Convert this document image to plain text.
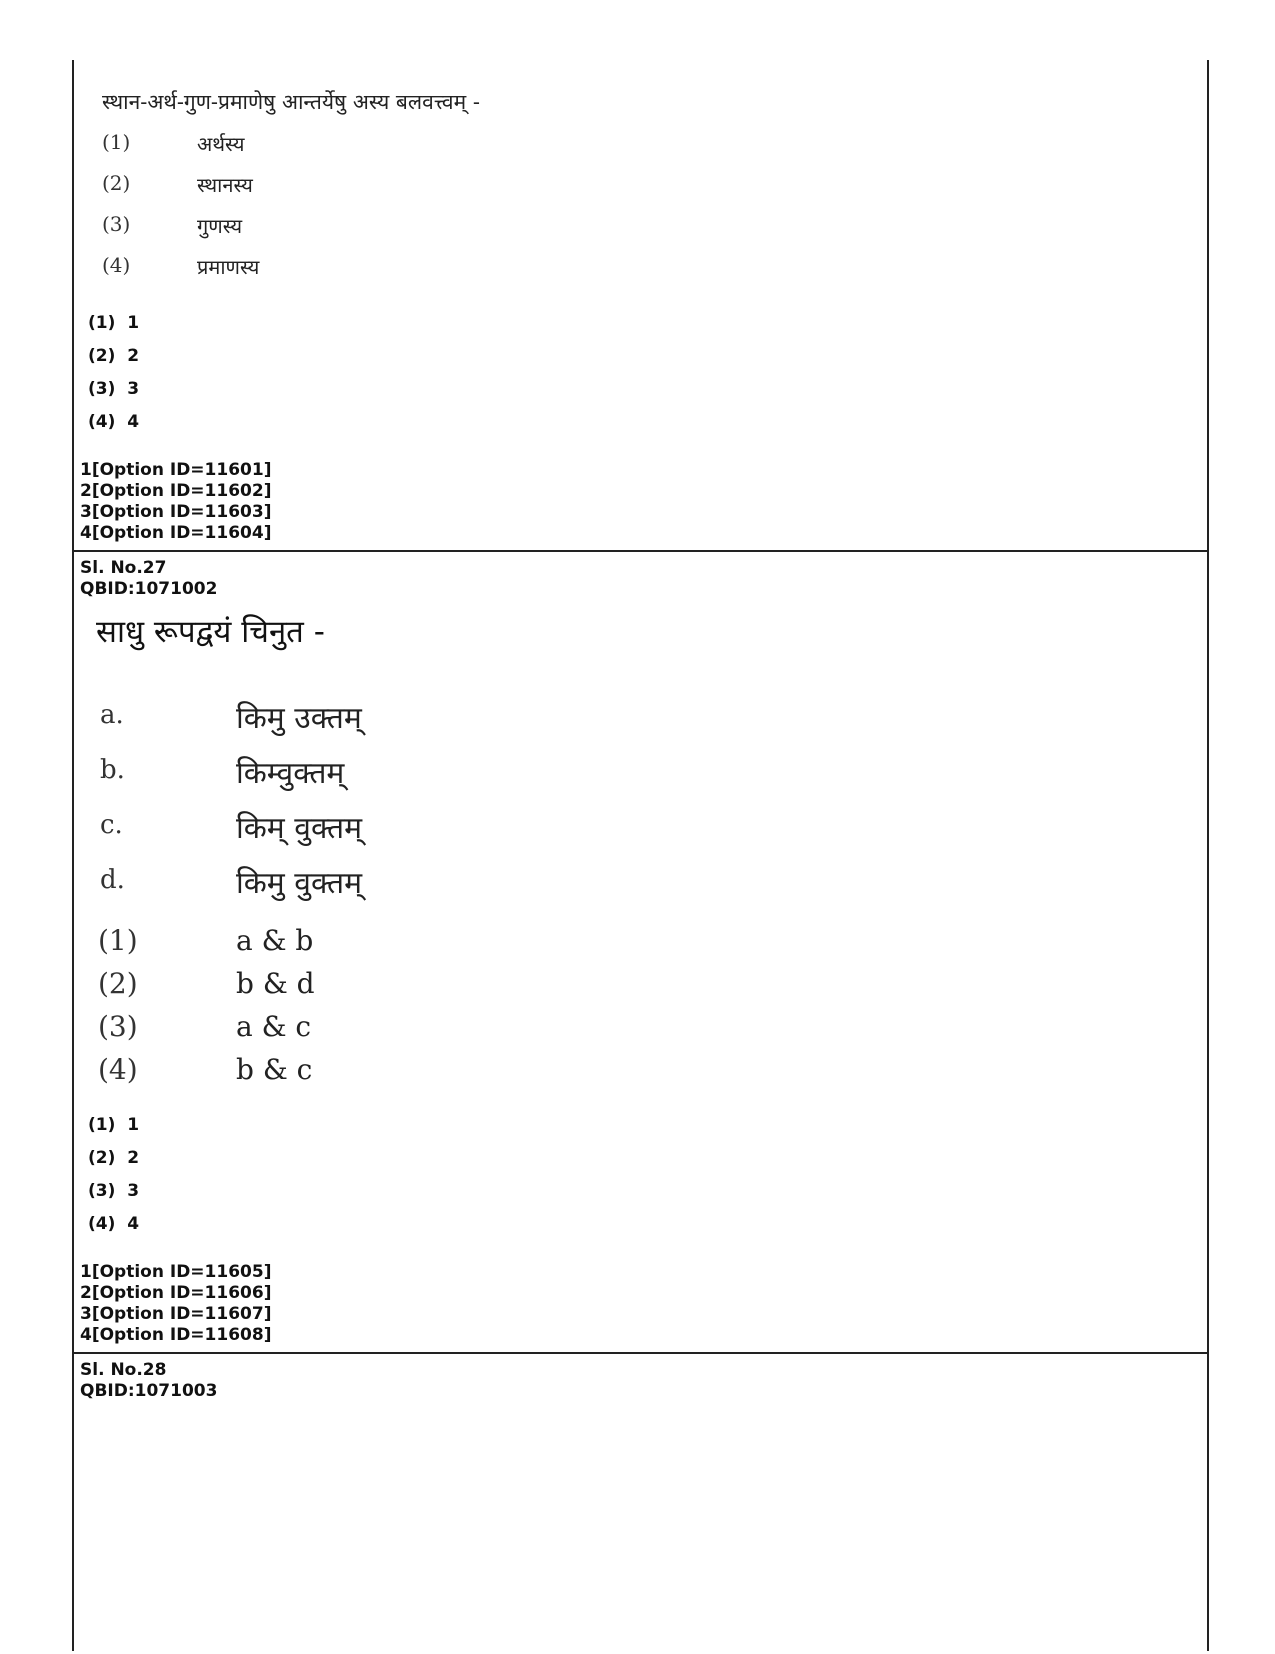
स्थान-अर्थ-गुण-प्रमाणेषु आन्तर्येषु अस्य बलवत्त्वम् -
(1)	अर्थस्य
(2)	स्थानस्य
(3)	गुणस्य
(4)	प्रमाणस्य
(1)  1
(2)  2
(3)  3
(4)  4
1[Option ID=11601]
2[Option ID=11602]
3[Option ID=11603]
4[Option ID=11604]
Sl. No.27
QBID:1071002
साधु रूपद्वयं चिनुत -
a.	किमु उक्तम्
b.	किम्वुक्तम्
c.	किम् वुक्तम्
d.	किमु वुक्तम्
(1)	a & b
(2)	b & d
(3)	a & c
(4)	b & c
(1)  1
(2)  2
(3)  3
(4)  4
1[Option ID=11605]
2[Option ID=11606]
3[Option ID=11607]
4[Option ID=11608]
Sl. No.28
QBID:1071003
